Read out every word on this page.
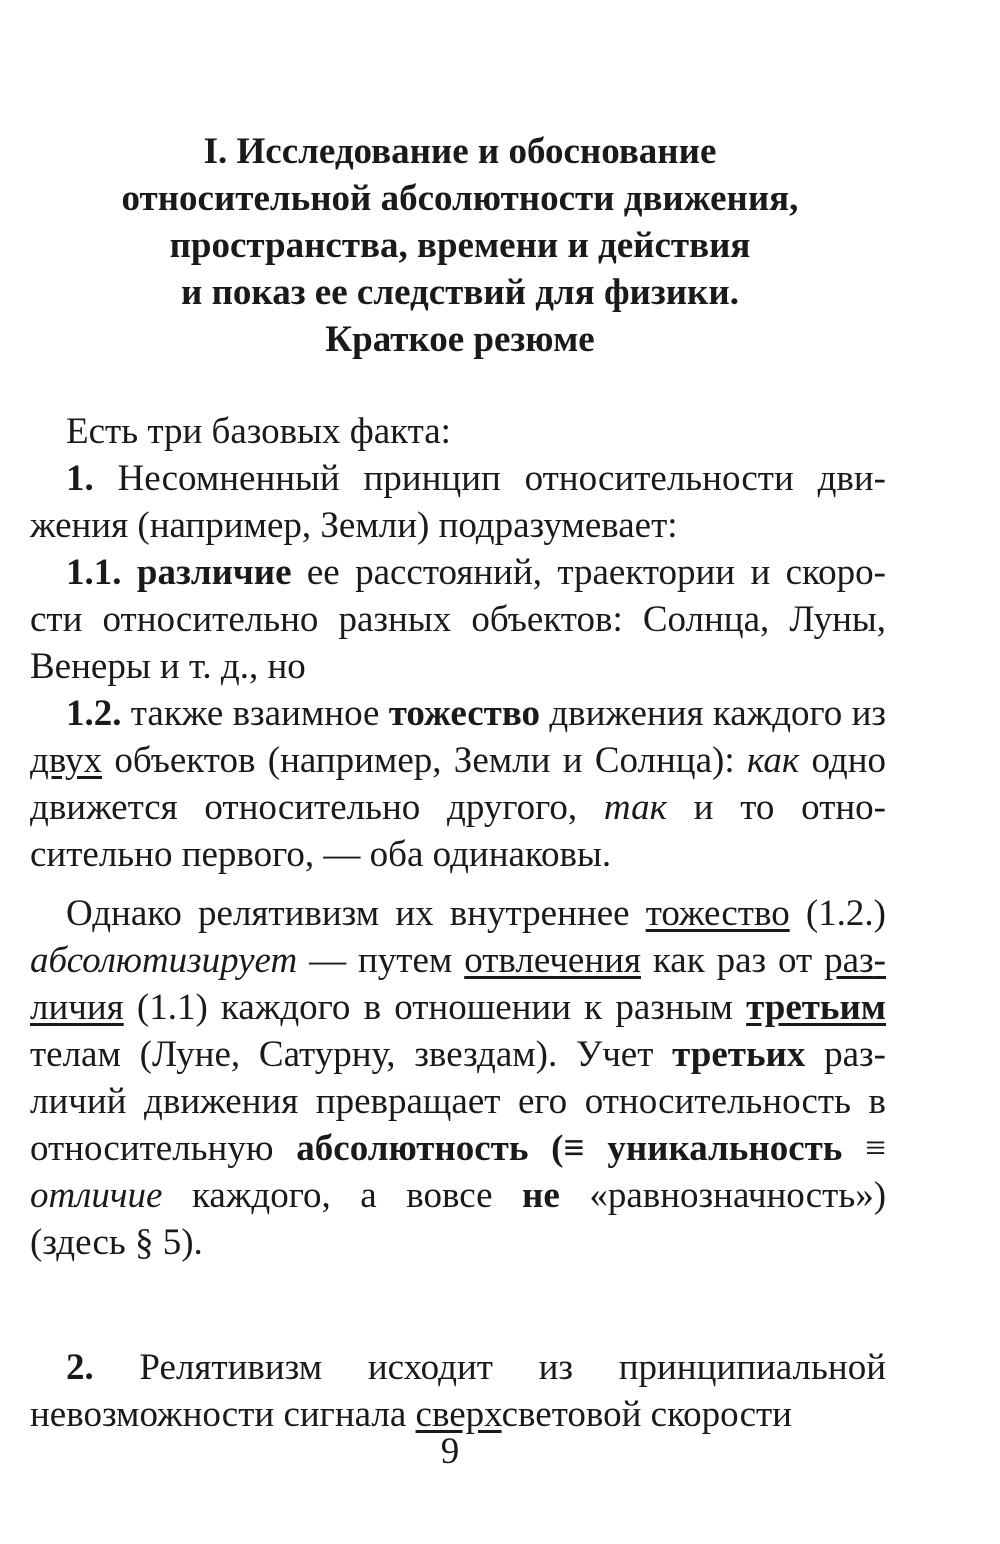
I. Исследование и обоснование
относительной абсолютности движения,
пространства, времени и действия
и показ ее следствий для физики.
Краткое резюме

Есть три базовых факта:

1. Несомненный принцип относительности движения (например, Земли) подразумевает:

1.1. различие ее расстояний, траектории и скорости относительно разных объектов: Солнца, Луны, Венеры и т. д., но

1.2. также взаимное тожество движения каждого из двух объектов (например, Земли и Солнца): как одно движется относительно другого, так и то относительно первого, — оба одинаковы.

Однако релятивизм их внутреннее тожество (1.2.) абсолютизирует — путем отвлечения как раз от различия (1.1) каждого в отношении к разным третьим телам (Луне, Сатурну, звездам). Учет третьих различий движения превращает его относительность в относительную абсолютность (≡ уникальность ≡ отличие каждого, а вовсе не «равнозначность») (здесь § 5).

2. Релятивизм исходит из принципиальной невозможности сигнала сверхсветовой скорости

9
